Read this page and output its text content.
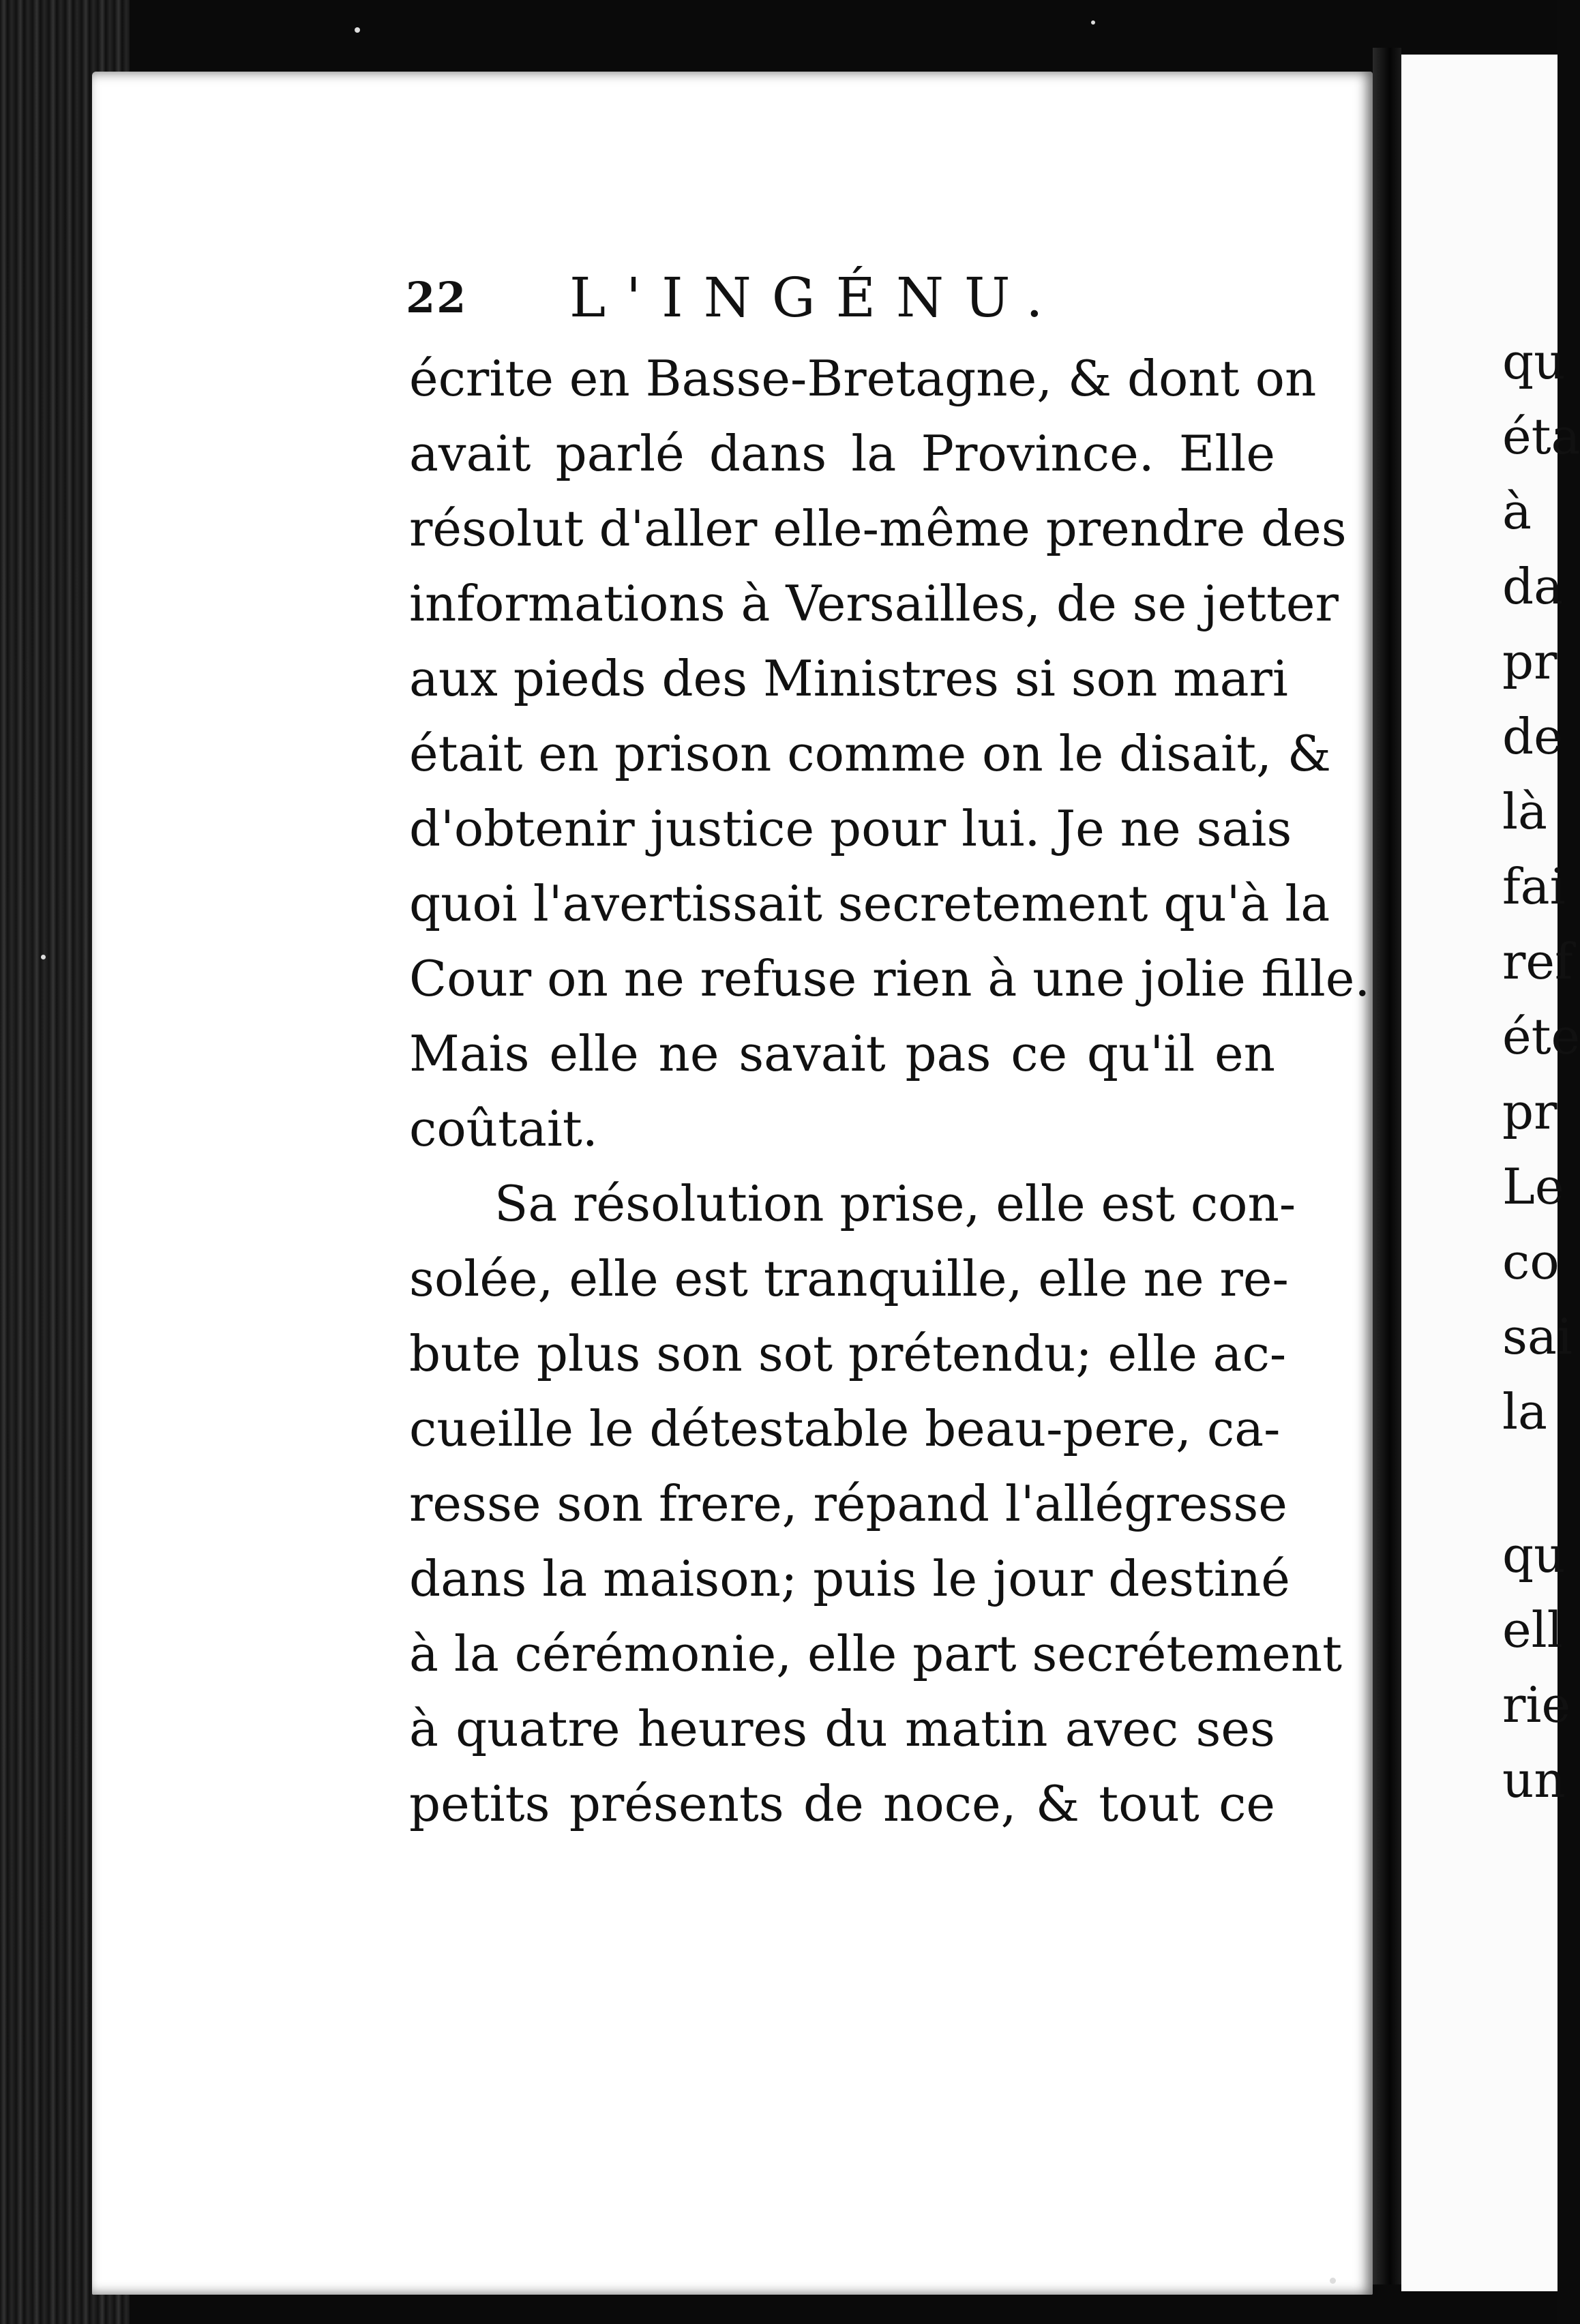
22 L'INGÉNU.
écrite en Basse-Bretagne, & dont on
avait parlé dans la Province. Elle
résolut d'aller elle-même prendre des
informations à Versailles, de se jetter
aux pieds des Ministres si son mari
était en prison comme on le disait, &
d'obtenir justice pour lui. Je ne sais
quoi l'avertissait secretement qu'à la
Cour on ne refuse rien à une jolie fille.
Mais elle ne savait pas ce qu'il en
coûtait.
Sa résolution prise, elle est con-
solée, elle est tranquille, elle ne re-
bute plus son sot prétendu; elle ac-
cueille le détestable beau-pere, ca-
resse son frere, répand l'allégresse
dans la maison; puis le jour destiné
à la cérémonie, elle part secrétement
à quatre heures du matin avec ses
petits présents de noce, & tout ce
qu
éta
à
da
pr
de
là
fai
ref
éte
pr
Le
co
sai
la
qu
ell
rie
un
